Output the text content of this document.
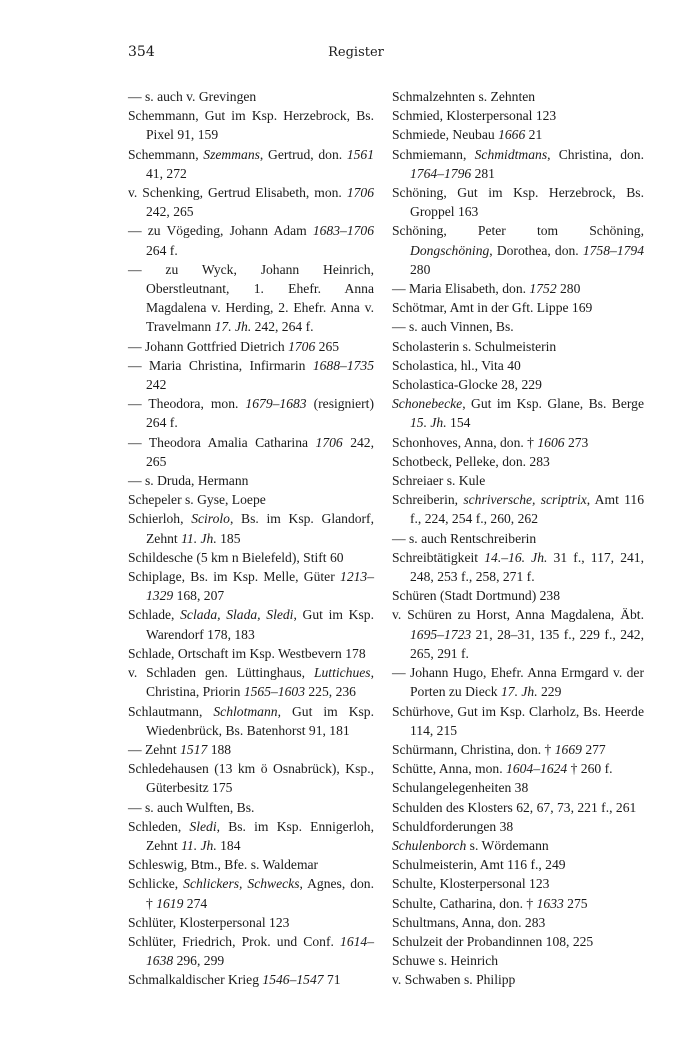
354	Register

— s. auch v. Grevingen

Schemmann, Gut im Ksp. Herzebrock, Bs. Pixel 91, 159

Schemmann, Szemmans, Gertrud, don. 1561 41, 272

v. Schenking, Gertrud Elisabeth, mon. 1706 242, 265

— zu Vögeding, Johann Adam 1683–1706 264 f.

— zu Wyck, Johann Heinrich, Oberstleutnant, 1. Ehefr. Anna Magdalena v. Herding, 2. Ehefr. Anna v. Travelmann 17. Jh. 242, 264 f.

— Johann Gottfried Dietrich 1706 265

— Maria Christina, Infirmarin 1688–1735 242

— Theodora, mon. 1679–1683 (resigniert) 264 f.

— Theodora Amalia Catharina 1706 242, 265

— s. Druda, Hermann

Schepeler s. Gyse, Loepe

Schierloh, Scirolo, Bs. im Ksp. Glandorf, Zehnt 11. Jh. 185

Schildesche (5 km n Bielefeld), Stift 60

Schiplage, Bs. im Ksp. Melle, Güter 1213–1329 168, 207

Schlade, Sclada, Slada, Sledi, Gut im Ksp. Warendorf 178, 183

Schlade, Ortschaft im Ksp. Westbevern 178

v. Schladen gen. Lüttinghaus, Luttichues, Christina, Priorin 1565–1603 225, 236

Schlautmann, Schlotmann, Gut im Ksp. Wiedenbrück, Bs. Batenhorst 91, 181

— Zehnt 1517 188

Schledehausen (13 km ö Osnabrück), Ksp., Güterbesitz 175

— s. auch Wulften, Bs.

Schleden, Sledi, Bs. im Ksp. Ennigerloh, Zehnt 11. Jh. 184

Schleswig, Btm., Bfe. s. Waldemar

Schlicke, Schlickers, Schwecks, Agnes, don. † 1619 274

Schlüter, Klosterpersonal 123

Schlüter, Friedrich, Prok. und Conf. 1614–1638 296, 299

Schmalkaldischer Krieg 1546–1547 71

Schmalzehnten s. Zehnten

Schmied, Klosterpersonal 123

Schmiede, Neubau 1666 21

Schmiemann, Schmidtmans, Christina, don. 1764–1796 281

Schöning, Gut im Ksp. Herzebrock, Bs. Groppel 163

Schöning, Peter tom Schöning, Dongschöning, Dorothea, don. 1758–1794 280

— Maria Elisabeth, don. 1752 280

Schötmar, Amt in der Gft. Lippe 169

— s. auch Vinnen, Bs.

Scholasterin s. Schulmeisterin

Scholastica, hl., Vita 40

Scholastica-Glocke 28, 229

Schonebecke, Gut im Ksp. Glane, Bs. Berge 15. Jh. 154

Schonhoves, Anna, don. † 1606 273

Schotbeck, Pelleke, don. 283

Schreiaer s. Kule

Schreiberin, schriversche, scriptrix, Amt 116 f., 224, 254 f., 260, 262

— s. auch Rentschreiberin

Schreibtätigkeit 14.–16. Jh. 31 f., 117, 241, 248, 253 f., 258, 271 f.

Schüren (Stadt Dortmund) 238

v. Schüren zu Horst, Anna Magdalena, Äbt. 1695–1723 21, 28–31, 135 f., 229 f., 242, 265, 291 f.

— Johann Hugo, Ehefr. Anna Ermgard v. der Porten zu Dieck 17. Jh. 229

Schürhove, Gut im Ksp. Clarholz, Bs. Heerde 114, 215

Schürmann, Christina, don. † 1669 277

Schütte, Anna, mon. 1604–1624 † 260 f.

Schulangelegenheiten 38

Schulden des Klosters 62, 67, 73, 221 f., 261

Schuldforderungen 38

Schulenborch s. Wördemann

Schulmeisterin, Amt 116 f., 249

Schulte, Klosterpersonal 123

Schulte, Catharina, don. † 1633 275

Schultmans, Anna, don. 283

Schulzeit der Probandinnen 108, 225

Schuwe s. Heinrich

v. Schwaben s. Philipp
